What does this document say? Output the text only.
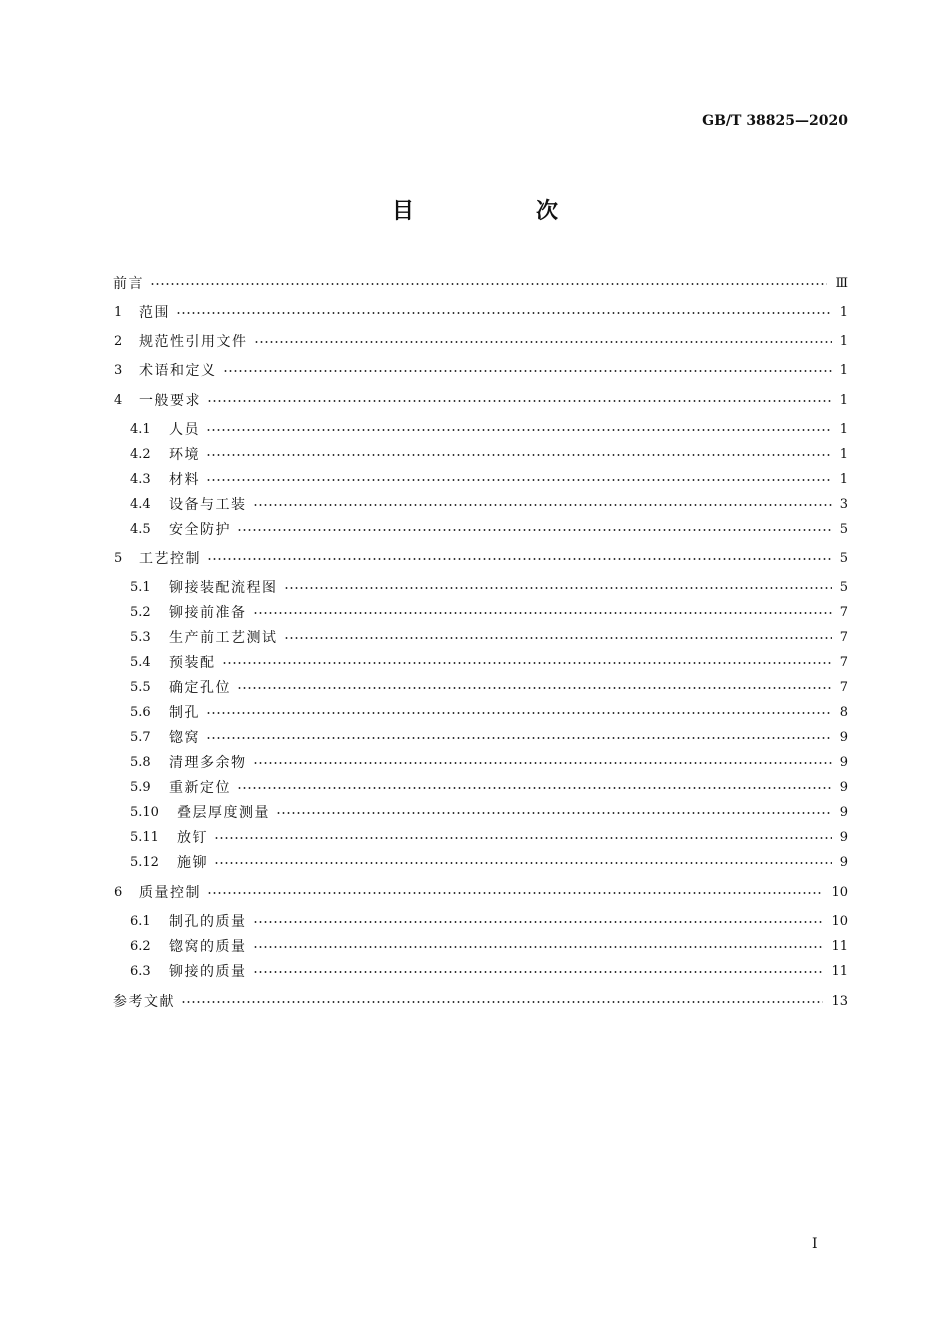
GB/T 38825—2020
目　次
前言	Ⅲ
1 范围	1
2 规范性引用文件	1
3 术语和定义	1
4 一般要求	1
4.1 人员	1
4.2 环境	1
4.3 材料	1
4.4 设备与工装	3
4.5 安全防护	5
5 工艺控制	5
5.1 铆接装配流程图	5
5.2 铆接前准备	7
5.3 生产前工艺测试	7
5.4 预装配	7
5.5 确定孔位	7
5.6 制孔	8
5.7 锪窝	9
5.8 清理多余物	9
5.9 重新定位	9
5.10 叠层厚度测量	9
5.11 放钉	9
5.12 施铆	9
6 质量控制	10
6.1 制孔的质量	10
6.2 锪窝的质量	11
6.3 铆接的质量	11
参考文献	13
I
